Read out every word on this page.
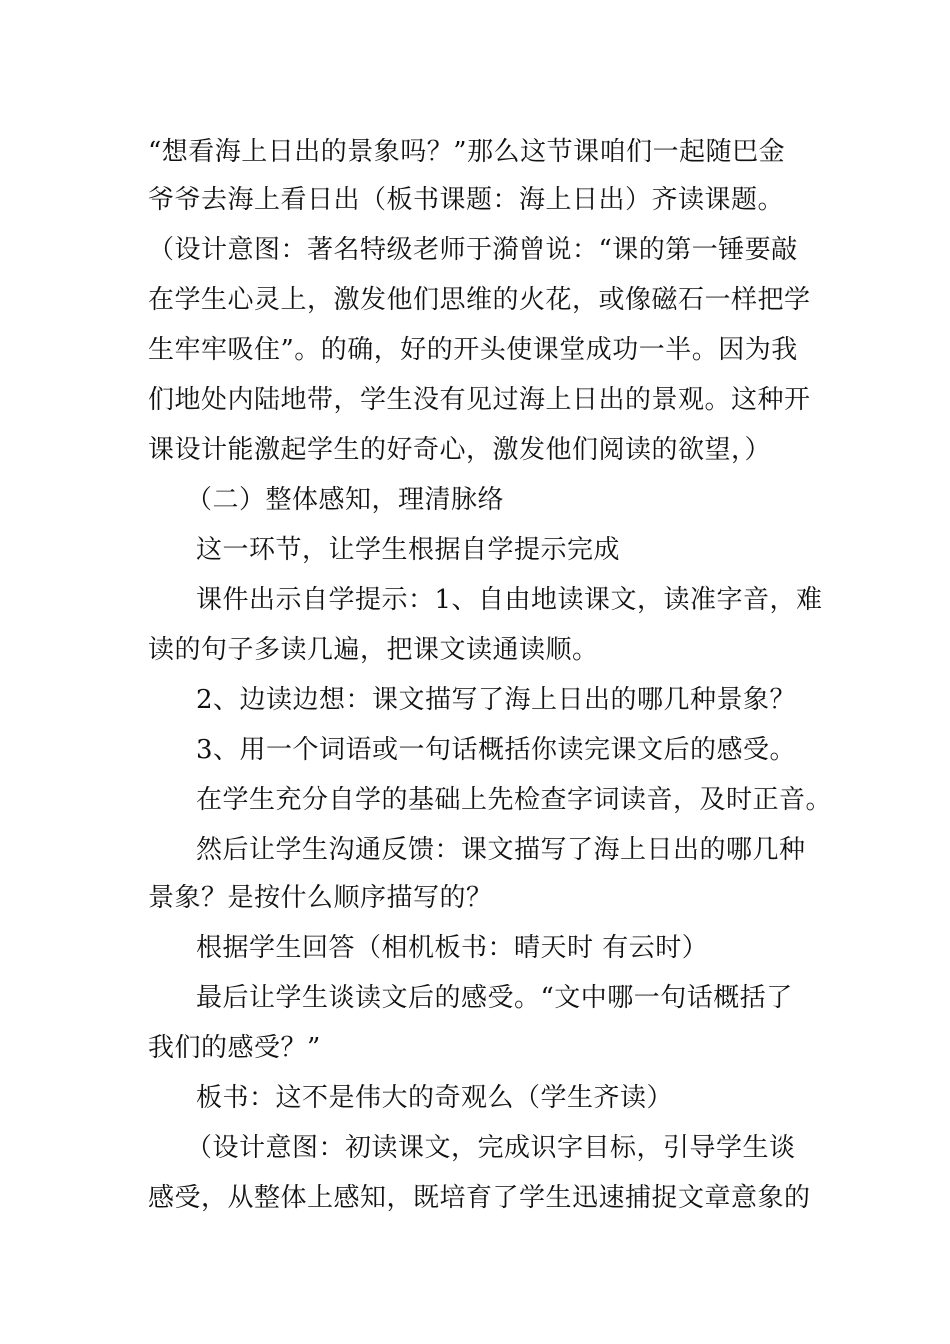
“想看海上日出的景象吗？”那么这节课咱们一起随巴金
爷爷去海上看日出（板书课题：海上日出）齐读课题。
（设计意图：著名特级老师于漪曾说：“课的第一锤要敲
在学生心灵上，激发他们思维的火花，或像磁石一样把学
生牢牢吸住”。的确，好的开头使课堂成功一半。因为我
们地处内陆地带，学生没有见过海上日出的景观。这种开
课设计能激起学生的好奇心，激发他们阅读的欲望，）
（二）整体感知，理清脉络
这一环节，让学生根据自学提示完成
课件出示自学提示：1、自由地读课文，读准字音，难
读的句子多读几遍，把课文读通读顺。
2、边读边想：课文描写了海上日出的哪几种景象？
3、用一个词语或一句话概括你读完课文后的感受。
在学生充分自学的基础上先检查字词读音，及时正音。
然后让学生沟通反馈：课文描写了海上日出的哪几种
景象？是按什么顺序描写的？
根据学生回答（相机板书：晴天时 有云时）
最后让学生谈读文后的感受。“文中哪一句话概括了
我们的感受？”
板书：这不是伟大的奇观么（学生齐读）
（设计意图：初读课文，完成识字目标，引导学生谈
感受，从整体上感知，既培育了学生迅速捕捉文章意象的
